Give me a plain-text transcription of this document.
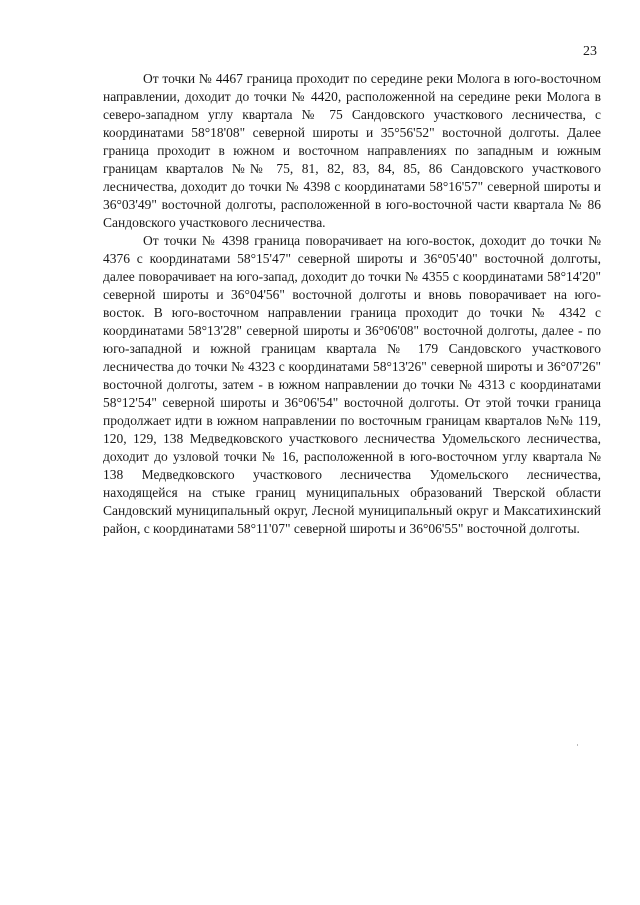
23

От точки № 4467 граница проходит по середине реки Молога в юго-восточном направлении, доходит до точки № 4420, расположенной на середине реки Молога в северо-западном углу квартала № 75 Сандовского участкового лесничества, с координатами 58°18'08" северной широты и 35°56'52" восточной долготы. Далее граница проходит в южном и восточном направлениях по западным и южным границам кварталов №№ 75, 81, 82, 83, 84, 85, 86 Сандовского участкового лесничества, доходит до точки № 4398 с координатами 58°16'57" северной широты и 36°03'49" восточной долготы, расположенной в юго-восточной части квартала № 86 Сандовского участкового лесничества.

От точки № 4398 граница поворачивает на юго-восток, доходит до точки № 4376 с координатами 58°15'47" северной широты и 36°05'40" восточной долготы, далее поворачивает на юго-запад, доходит до точки № 4355 с координатами 58°14'20" северной широты и 36°04'56" восточной долготы и вновь поворачивает на юго-восток. В юго-восточном направлении граница проходит до точки № 4342 с координатами 58°13'28" северной широты и 36°06'08" восточной долготы, далее - по юго-западной и южной границам квартала № 179 Сандовского участкового лесничества до точки № 4323 с координатами 58°13'26" северной широты и 36°07'26" восточной долготы, затем - в южном направлении до точки № 4313 с координатами 58°12'54" северной широты и 36°06'54" восточной долготы. От этой точки граница продолжает идти в южном направлении по восточным границам кварталов №№ 119, 120, 129, 138 Медведковского участкового лесничества Удомельского лесничества, доходит до узловой точки № 16, расположенной в юго-восточном углу квартала № 138 Медведковского участкового лесничества Удомельского лесничества, находящейся на стыке границ муниципальных образований Тверской области Сандовский муниципальный округ, Лесной муниципальный округ и Максатихинский район, с координатами 58°11'07" северной широты и 36°06'55" восточной долготы.
